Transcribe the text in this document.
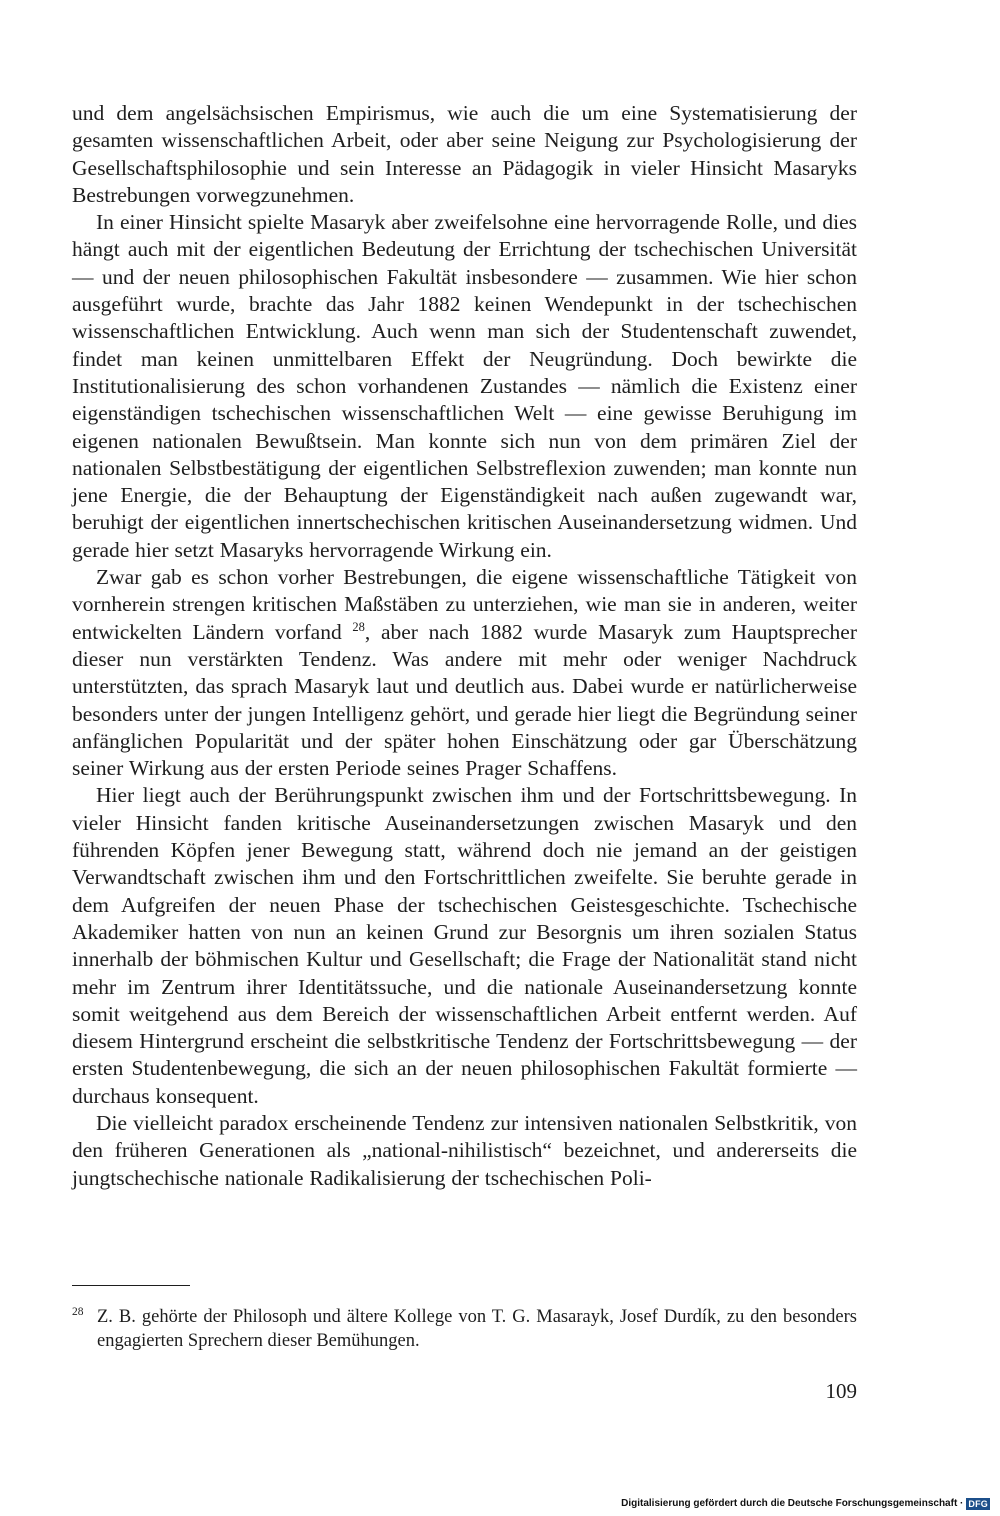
und dem angelsächsischen Empirismus, wie auch die um eine Systematisierung der gesamten wissenschaftlichen Arbeit, oder aber seine Neigung zur Psychologisierung der Gesellschaftsphilosophie und sein Interesse an Pädagogik in vieler Hinsicht Masaryks Bestrebungen vorwegzunehmen.

In einer Hinsicht spielte Masaryk aber zweifelsohne eine hervorragende Rolle, und dies hängt auch mit der eigentlichen Bedeutung der Errichtung der tschechischen Universität — und der neuen philosophischen Fakultät insbesondere — zusammen. Wie hier schon ausgeführt wurde, brachte das Jahr 1882 keinen Wendepunkt in der tschechischen wissenschaftlichen Entwicklung. Auch wenn man sich der Studentenschaft zuwendet, findet man keinen unmittelbaren Effekt der Neugründung. Doch bewirkte die Institutionalisierung des schon vorhandenen Zustandes — nämlich die Existenz einer eigenständigen tschechischen wissenschaftlichen Welt — eine gewisse Beruhigung im eigenen nationalen Bewußtsein. Man konnte sich nun von dem primären Ziel der nationalen Selbstbestätigung der eigentlichen Selbstreflexion zuwenden; man konnte nun jene Energie, die der Behauptung der Eigenständigkeit nach außen zugewandt war, beruhigt der eigentlichen innertschechischen kritischen Auseinandersetzung widmen. Und gerade hier setzt Masaryks hervorragende Wirkung ein.

Zwar gab es schon vorher Bestrebungen, die eigene wissenschaftliche Tätigkeit von vornherein strengen kritischen Maßstäben zu unterziehen, wie man sie in anderen, weiter entwickelten Ländern vorfand $^{28}$, aber nach 1882 wurde Masaryk zum Hauptsprecher dieser nun verstärkten Tendenz. Was andere mit mehr oder weniger Nachdruck unterstützten, das sprach Masaryk laut und deutlich aus. Dabei wurde er natürlicherweise besonders unter der jungen Intelligenz gehört, und gerade hier liegt die Begründung seiner anfänglichen Popularität und der später hohen Einschätzung oder gar Überschätzung seiner Wirkung aus der ersten Periode seines Prager Schaffens.

Hier liegt auch der Berührungspunkt zwischen ihm und der Fortschrittsbewegung. In vieler Hinsicht fanden kritische Auseinandersetzungen zwischen Masaryk und den führenden Köpfen jener Bewegung statt, während doch nie jemand an der geistigen Verwandtschaft zwischen ihm und den Fortschrittlichen zweifelte. Sie beruhte gerade in dem Aufgreifen der neuen Phase der tschechischen Geistesgeschichte. Tschechische Akademiker hatten von nun an keinen Grund zur Besorgnis um ihren sozialen Status innerhalb der böhmischen Kultur und Gesellschaft; die Frage der Nationalität stand nicht mehr im Zentrum ihrer Identitätssuche, und die nationale Auseinandersetzung konnte somit weitgehend aus dem Bereich der wissenschaftlichen Arbeit entfernt werden. Auf diesem Hintergrund erscheint die selbstkritische Tendenz der Fortschrittsbewegung — der ersten Studentenbewegung, die sich an der neuen philosophischen Fakultät formierte — durchaus konsequent.

Die vielleicht paradox erscheinende Tendenz zur intensiven nationalen Selbstkritik, von den früheren Generationen als „national-nihilistisch“ bezeichnet, und andererseits die jungtschechische nationale Radikalisierung der tschechischen Poli-

28 Z. B. gehörte der Philosoph und ältere Kollege von T. G. Masarayk, Josef Durdík, zu den besonders engagierten Sprechern dieser Bemühungen.

109
Digitalisierung gefördert durch die Deutsche Forschungsgemeinschaft · DFG
